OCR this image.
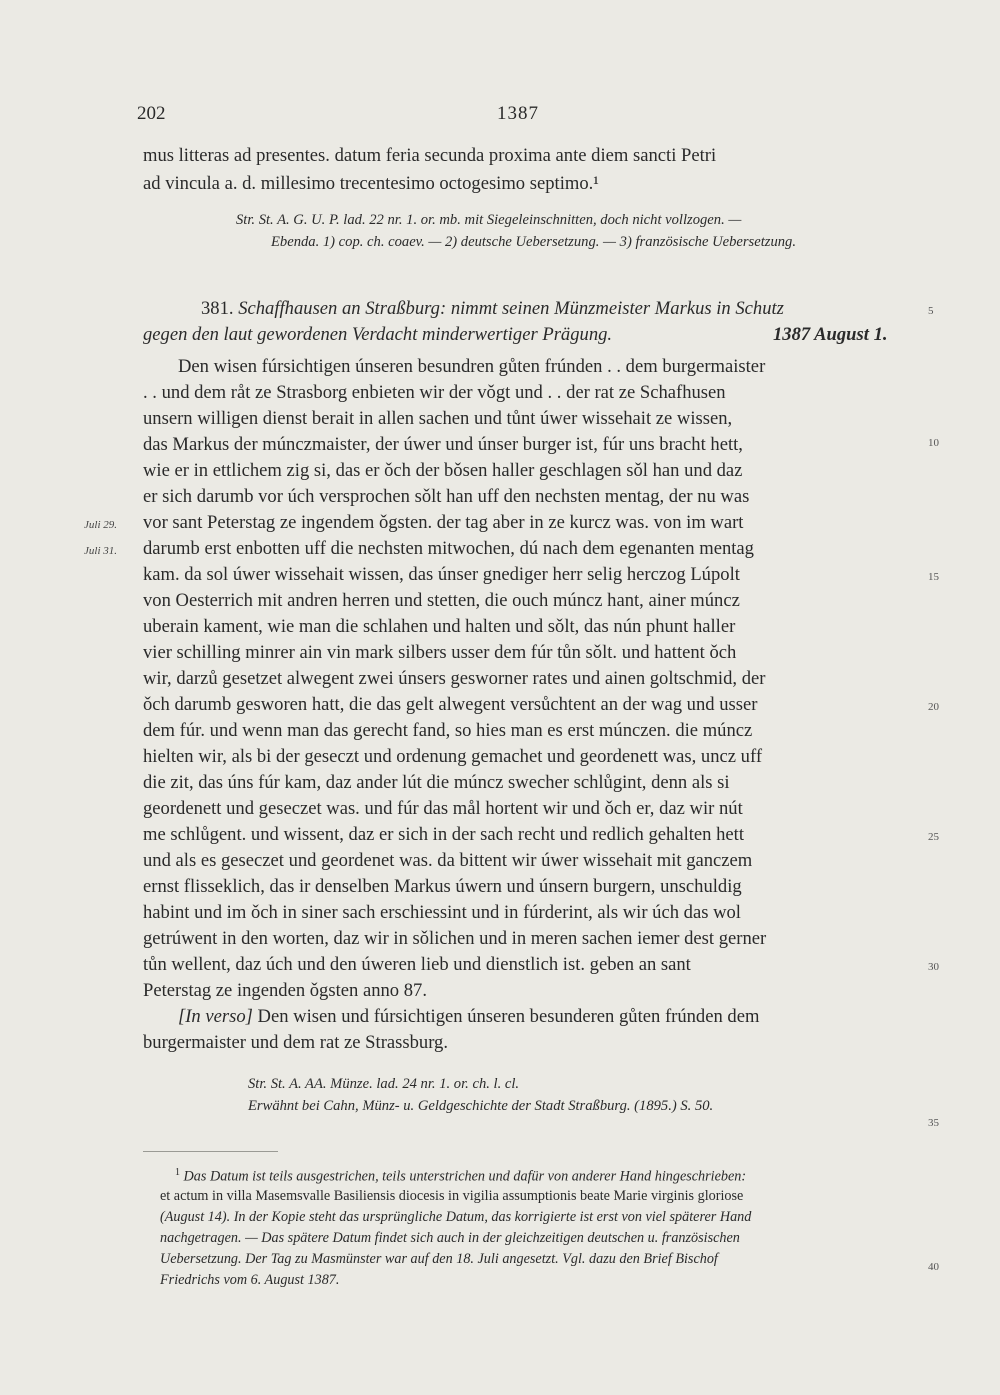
202	1387
mus litteras ad presentes. datum feria secunda proxima ante diem sancti Petri
ad vincula a. d. millesimo trecentesimo octogesimo septimo.¹
Str. St. A. G. U. P. lad. 22 nr. 1. or. mb. mit Siegeleinschnitten, doch nicht vollzogen. —
Ebenda. 1) cop. ch. coaev. — 2) deutsche Uebersetzung. — 3) französische Uebersetzung.
381. Schaffhausen an Straßburg: nimmt seinen Münzmeister Markus in Schutz
gegen den laut gewordenen Verdacht minderwertiger Prägung.	1387 August 1.
Den wisen fúrsichtigen únseren besundren gůten frúnden . . dem burgermaister
. . und dem råt ze Strasborg enbieten wir der vǒgt und . . der rat ze Schafhusen
unsern willigen dienst berait in allen sachen und tůnt úwer wissehait ze wissen,
das Markus der múnczmaister, der úwer und únser burger ist, fúr uns bracht hett,
wie er in ettlichem zig si, das er ǒch der bǒsen haller geschlagen sǒl han und daz
er sich darumb vor úch versprochen sǒlt han uff den nechsten mentag, der nu was
vor sant Peterstag ze ingendem ǒgsten. der tag aber in ze kurcz was. von im wart
darumb erst enbotten uff die nechsten mitwochen, dú nach dem egenanten mentag
kam. da sol úwer wissehait wissen, das únser gnediger herr selig herczog Lúpolt
von Oesterrich mit andren herren und stetten, die ouch múncz hant, ainer múncz
uberain kament, wie man die schlahen und halten und sǒlt, das nún phunt haller
vier schilling minrer ain vin mark silbers usser dem fúr tůn sǒlt. und hattent ǒch
wir, darzů gesetzet alwegent zwei únsers gesworner rates und ainen goltschmid, der
ǒch darumb gesworen hatt, die das gelt alwegent versůchtent an der wag und usser
dem fúr. und wenn man das gerecht fand, so hies man es erst múnczen. die múncz
hielten wir, als bi der geseczt und ordenung gemachet und geordenett was, uncz uff
die zit, das úns fúr kam, daz ander lút die múncz swecher schlůgint, denn als si
geordenett und geseczet was. und fúr das mål hortent wir und ǒch er, daz wir nút
me schlůgent. und wissent, daz er sich in der sach recht und redlich gehalten hett
und als es geseczet und geordenet was. da bittent wir úwer wissehait mit ganczem
ernst flisseklich, das ir denselben Markus úwern und únsern burgern, unschuldig
habint und im ǒch in siner sach erschiessint und in fúrderint, als wir úch das wol
getrúwent in den worten, daz wir in sǒlichen und in meren sachen iemer dest gerner
tůn wellent, daz úch und den úweren lieb und dienstlich ist. geben an sant
Peterstag ze ingenden ǒgsten anno 87.
[In verso] Den wisen und fúrsichtigen únseren besunderen gůten frúnden dem
burgermaister und dem rat ze Strassburg.
Juli 29.
Juli 31.
5
10
15
20
25
30
35
40
Str. St. A. AA. Münze. lad. 24 nr. 1. or. ch. l. cl.
Erwähnt bei Cahn, Münz- u. Geldgeschichte der Stadt Straßburg. (1895.) S. 50.
$^1$ Das Datum ist teils ausgestrichen, teils unterstrichen und dafür von anderer Hand hingeschrieben:
et actum in villa Masemsvalle Basiliensis diocesis in vigilia assumptionis beate Marie virginis gloriose
(August 14). In der Kopie steht das ursprüngliche Datum, das korrigierte ist erst von viel späterer Hand
nachgetragen. — Das spätere Datum findet sich auch in der gleichzeitigen deutschen u. französischen
Uebersetzung. Der Tag zu Masmünster war auf den 18. Juli angesetzt. Vgl. dazu den Brief Bischof
Friedrichs vom 6. August 1387.
